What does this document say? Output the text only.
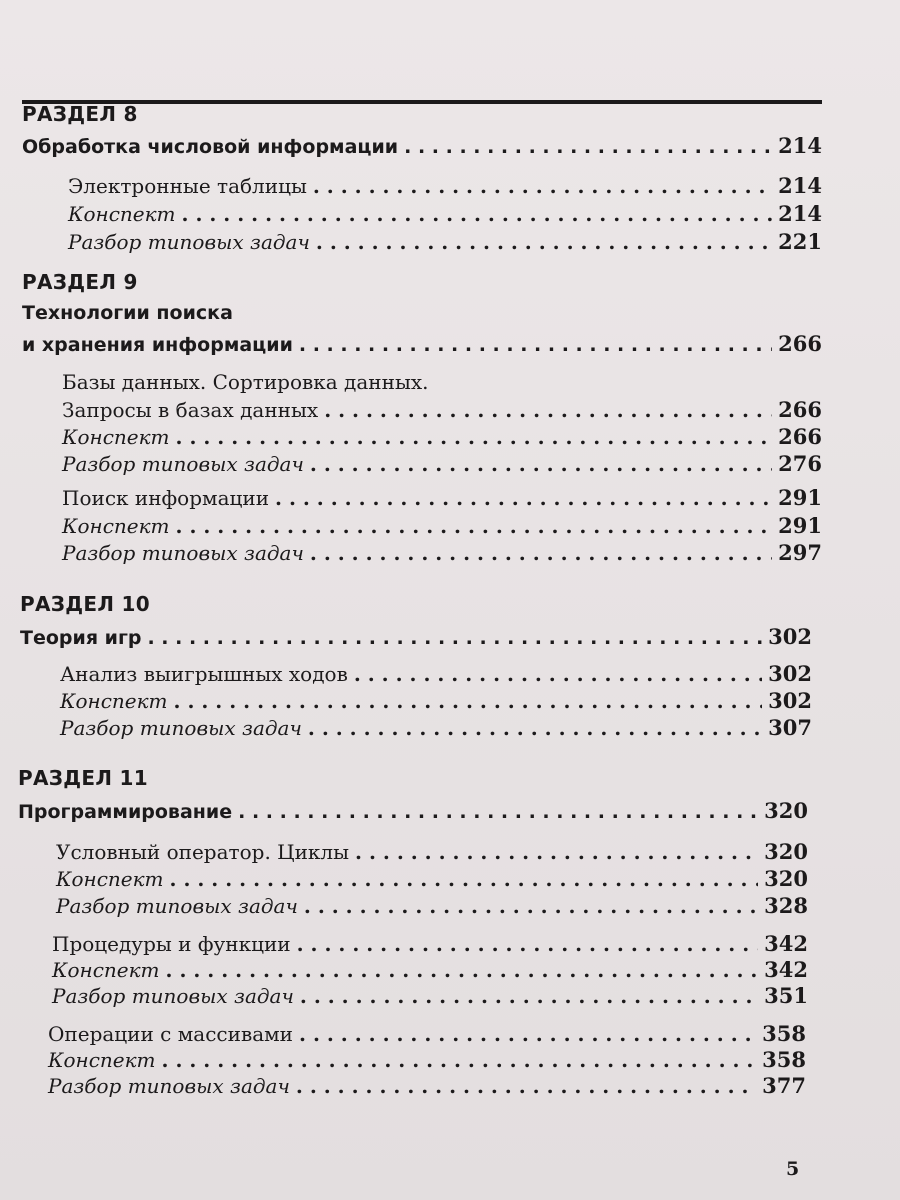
РАЗДЕЛ 8
Обработка числовой информации . . .	214
Электронные таблицы . . .	214
Конспект . . .	214
Разбор типовых задач . . .	221
РАЗДЕЛ 9
Технологии поиска
и хранения информации . . .	266
Базы данных. Сортировка данных.
Запросы в базах данных . . .	266
Конспект . . .	266
Разбор типовых задач . . .	276
Поиск информации . . .	291
Конспект . . .	291
Разбор типовых задач . . .	297
РАЗДЕЛ 10
Теория игр . . .	302
Анализ выигрышных ходов . . .	302
Конспект . . .	302
Разбор типовых задач . . .	307
РАЗДЕЛ 11
Программирование . . .	320
Условный оператор. Циклы . . .	320
Конспект . . .	320
Разбор типовых задач . . .	328
Процедуры и функции . . .	342
Конспект . . .	342
Разбор типовых задач . . .	351
Операции с массивами . . .	358
Конспект . . .	358
Разбор типовых задач . . .	377
5
